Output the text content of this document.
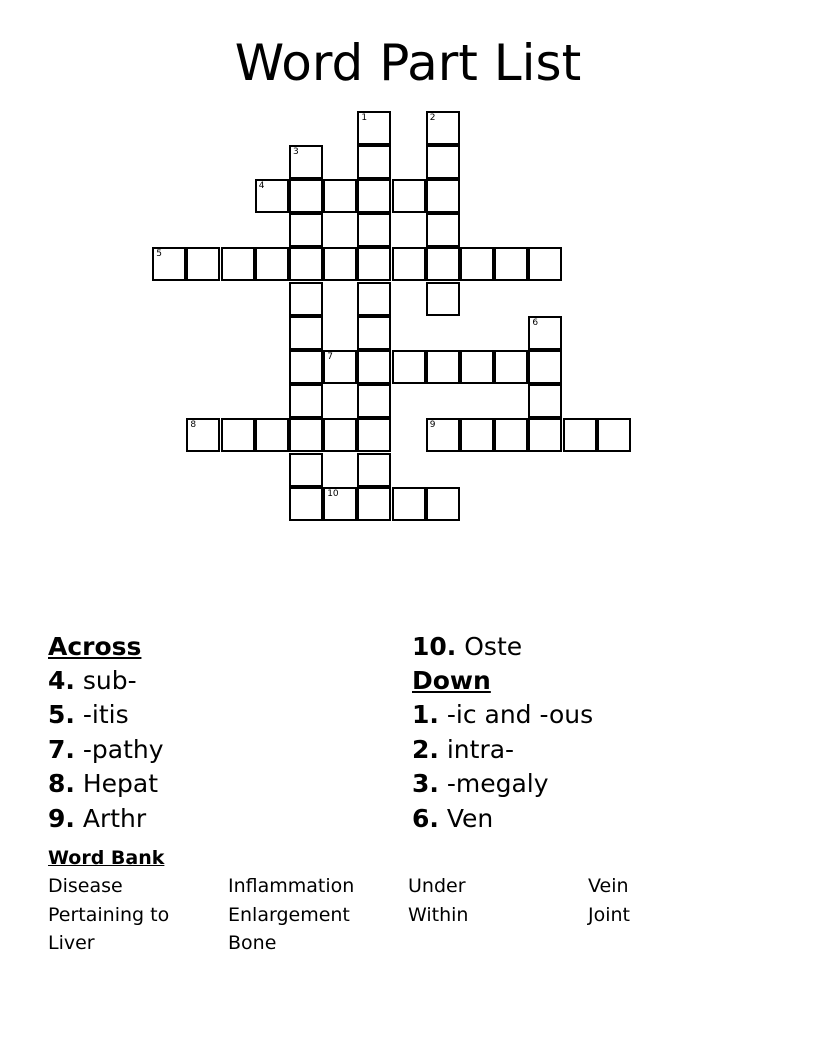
Word Part List
1	2
3
4
5
6
7
8	9
10
Across
4. sub-
5. -itis
7. -pathy
8. Hepat
9. Arthr
10. Oste
Down
1. -ic and -ous
2. intra-
3. -megaly
6. Ven
Word Bank
Disease	Inflammation	Under	Vein
Pertaining to	Enlargement	Within	Joint
Liver	Bone
